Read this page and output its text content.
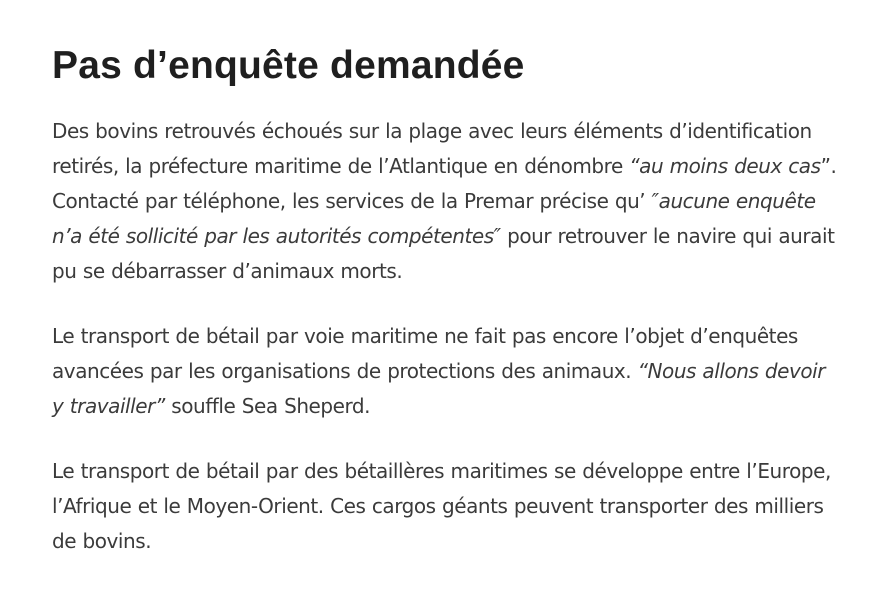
Pas d’enquête demandée

Des bovins retrouvés échoués sur la plage avec leurs éléments d’identification retirés, la préfecture maritime de l’Atlantique en dénombre “au moins deux cas”. Contacté par téléphone, les services de la Premar précise qu’ ″aucune enquête n’a été sollicité par les autorités compétentes″ pour retrouver le navire qui aurait pu se débarrasser d’animaux morts.

Le transport de bétail par voie maritime ne fait pas encore l’objet d’enquêtes avancées par les organisations de protections des animaux. “Nous allons devoir y travailler” souffle Sea Sheperd.

Le transport de bétail par des bétaillères maritimes se développe entre l’Europe, l’Afrique et le Moyen-Orient. Ces cargos géants peuvent transporter des milliers de bovins.
